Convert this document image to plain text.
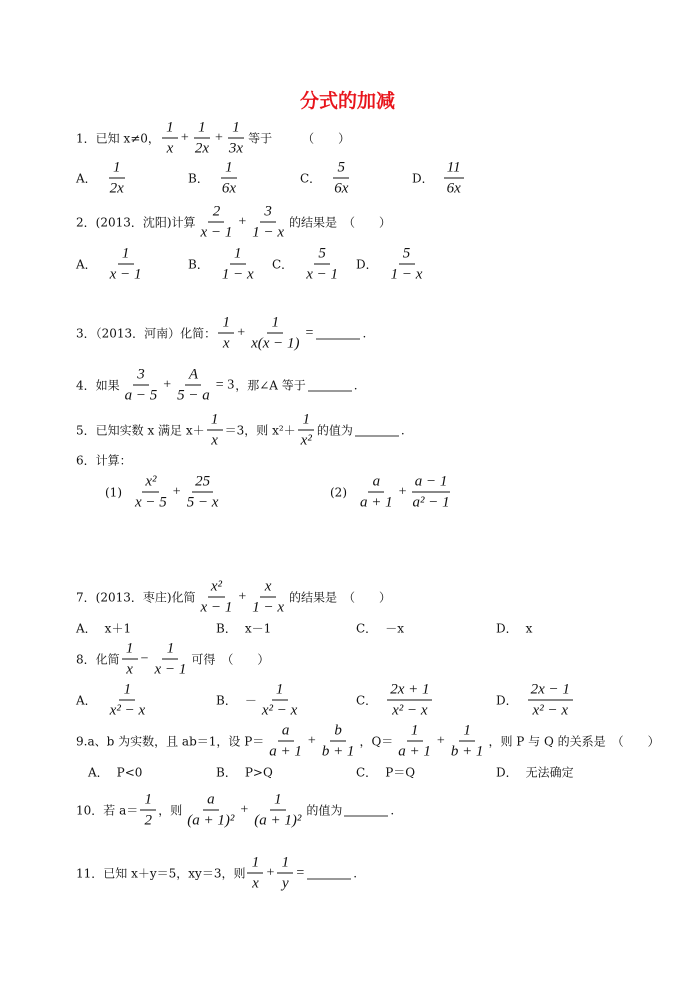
分式的加减
1．已知 x≠0， $\frac{1}{x} + \frac{1}{2x} + \frac{1}{3x}$ 等于 　　　（　　）
A． $\frac{1}{2x}$	B． $\frac{1}{6x}$	C． $\frac{5}{6x}$	D． $\frac{11}{6x}$
2．(2013．沈阳)计算 $\frac{2}{x - 1} + \frac{3}{1 - x}$ 的结果是 　（　　）
A． $\frac{1}{x - 1}$	B． $\frac{1}{1 - x}$ C． $\frac{5}{x - 1}$ D． $\frac{5}{1 - x}$
3．（2013．河南）化简： $\frac{1}{x} + \frac{1}{x(x - 1)}$ =	.
4．如果 $\frac{3}{a - 5} + \frac{A}{5 - a} = 3$ ，那∠A 等于	.
5．已知实数 x 满足 $x+ \frac{1}{x} =3$，则 $x^2+ \frac{1}{\text{x²}}$ 的值为	.
6．计算：
$(1) \frac{\text{x²}}{x - 5} + \frac{25}{5 - x}$	$(2) \frac{a}{a + 1} + \frac{a - 1}{\text{a² − 1}}$
7．(2013．枣庄)化简 $\frac{\text{x²}}{x - 1} + \frac{x}{1 - x}$ 的结果是 　（　　）
A． x＋1	B． x－1	C． －x	D． x
8．化简 $\frac{1}{x} - \frac{1}{x - 1}$ 可得 　（　　）
A． $\frac{1}{\text{x² − x}}$	B． － $\frac{1}{\text{x² − x}}$	C． $\frac{2x + 1}{\text{x² − x}}$	D． $\frac{2x - 1}{\text{x² − x}}$
9.a、b 为实数，且 ab＝1，设 $P= \frac{a}{a + 1} + \frac{b}{b + 1}$ ，$Q= \frac{1}{a + 1} + \frac{1}{b + 1}$ ，则 P 与 Q 的关系是 　（　　）
A． P<0	B． P>Q	C． P＝Q	D． 无法确定
10．若 $a= \frac{1}{2}$ ，则 $\frac{a}{\text{(a + 1)²}} + \frac{1}{\text{(a + 1)²}}$ 的值为	.
11．已知 x＋y＝5，xy＝3，则 $\frac{1}{x} + \frac{1}{y}$ =	.
